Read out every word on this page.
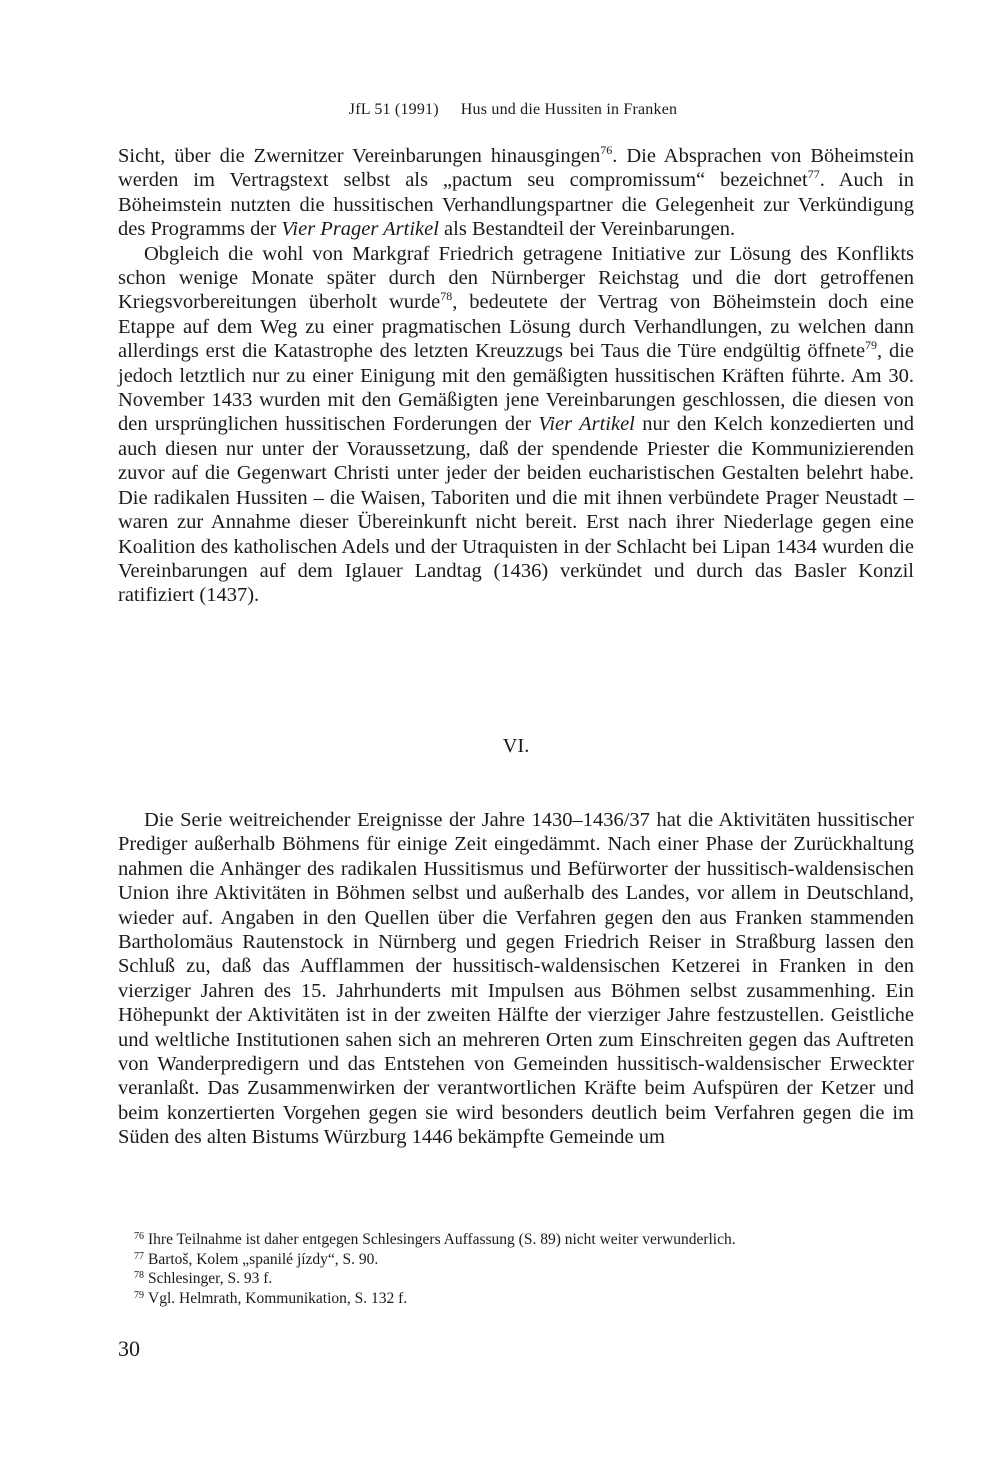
JfL 51 (1991) Hus und die Hussiten in Franken

Sicht, über die Zwernitzer Vereinbarungen hinausgingen$^{76}$. Die Absprachen von Böheimstein werden im Vertragstext selbst als „pactum seu compromissum“ bezeichnet$^{77}$. Auch in Böheimstein nutzten die hussitischen Verhandlungspartner die Gelegenheit zur Verkündigung des Programms der Vier Prager Artikel als Bestandteil der Vereinbarungen.

Obgleich die wohl von Markgraf Friedrich getragene Initiative zur Lösung des Konflikts schon wenige Monate später durch den Nürnberger Reichstag und die dort getroffenen Kriegsvorbereitungen überholt wurde$^{78}$, bedeutete der Vertrag von Böheimstein doch eine Etappe auf dem Weg zu einer pragmatischen Lösung durch Verhandlungen, zu welchen dann allerdings erst die Katastrophe des letzten Kreuzzugs bei Taus die Türe endgültig öffnete$^{79}$, die jedoch letztlich nur zu einer Einigung mit den gemäßigten hussitischen Kräften führte. Am 30. November 1433 wurden mit den Gemäßigten jene Vereinbarungen geschlossen, die diesen von den ursprünglichen hussitischen Forderungen der Vier Artikel nur den Kelch konzedierten und auch diesen nur unter der Voraussetzung, daß der spendende Priester die Kommunizierenden zuvor auf die Gegenwart Christi unter jeder der beiden eucharistischen Gestalten belehrt habe. Die radikalen Hussiten – die Waisen, Taboriten und die mit ihnen verbündete Prager Neustadt – waren zur Annahme dieser Übereinkunft nicht bereit. Erst nach ihrer Niederlage gegen eine Koalition des katholischen Adels und der Utraquisten in der Schlacht bei Lipan 1434 wurden die Vereinbarungen auf dem Iglauer Landtag (1436) verkündet und durch das Basler Konzil ratifiziert (1437).

VI.

Die Serie weitreichender Ereignisse der Jahre 1430–1436/37 hat die Aktivitäten hussitischer Prediger außerhalb Böhmens für einige Zeit eingedämmt. Nach einer Phase der Zurückhaltung nahmen die Anhänger des radikalen Hussitismus und Befürworter der hussitisch-waldensischen Union ihre Aktivitäten in Böhmen selbst und außerhalb des Landes, vor allem in Deutschland, wieder auf. Angaben in den Quellen über die Verfahren gegen den aus Franken stammenden Bartholomäus Rautenstock in Nürnberg und gegen Friedrich Reiser in Straßburg lassen den Schluß zu, daß das Aufflammen der hussitisch-waldensischen Ketzerei in Franken in den vierziger Jahren des 15. Jahrhunderts mit Impulsen aus Böhmen selbst zusammenhing. Ein Höhepunkt der Aktivitäten ist in der zweiten Hälfte der vierziger Jahre festzustellen. Geistliche und weltliche Institutionen sahen sich an mehreren Orten zum Einschreiten gegen das Auftreten von Wanderpredigern und das Entstehen von Gemeinden hussitisch-waldensischer Erweckter veranlaßt. Das Zusammenwirken der verantwortlichen Kräfte beim Aufspüren der Ketzer und beim konzertierten Vorgehen gegen sie wird besonders deutlich beim Verfahren gegen die im Süden des alten Bistums Würzburg 1446 bekämpfte Gemeinde um

$^{76}$ Ihre Teilnahme ist daher entgegen Schlesingers Auffassung (S. 89) nicht weiter verwunderlich.

$^{77}$ Bartoš, Kolem „spanilé jízdy“, S. 90.

$^{78}$ Schlesinger, S. 93 f.

$^{79}$ Vgl. Helmrath, Kommunikation, S. 132 f.

30
